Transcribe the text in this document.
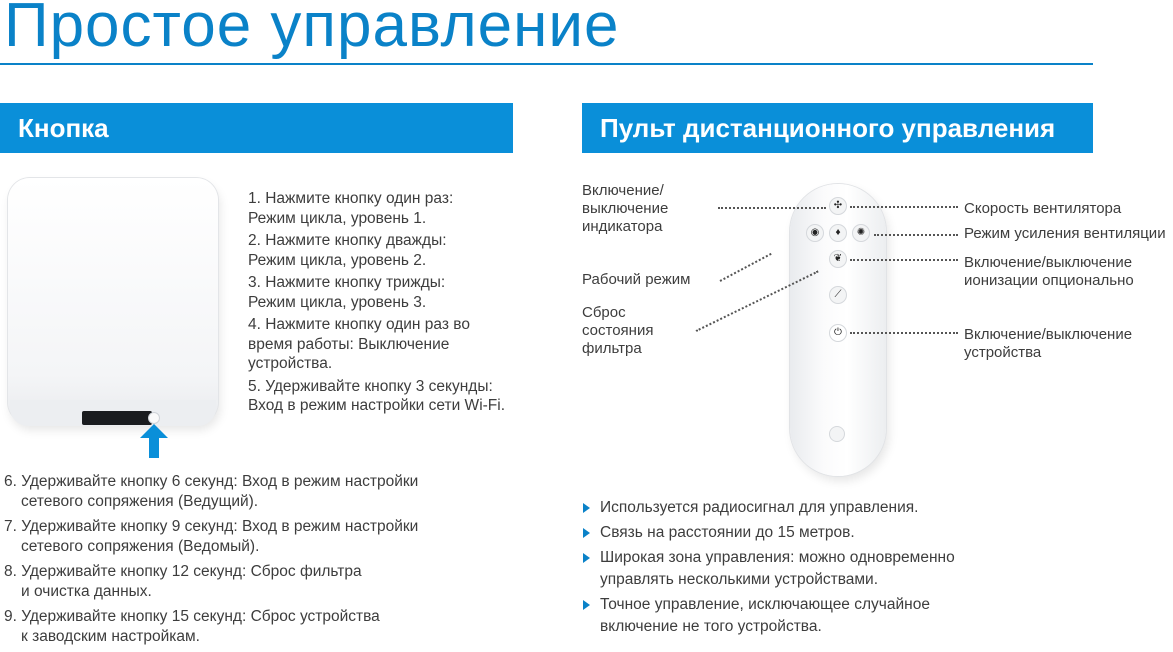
Простое управление
Кнопка	Пульт дистанционного управления
1. Нажмите кнопку один раз:
Режим цикла, уровень 1.
2. Нажмите кнопку дважды:
Режим цикла, уровень 2.
3. Нажмите кнопку трижды:
Режим цикла, уровень 3.
4. Нажмите кнопку один раз во
время работы: Выключение
устройства.
5. Удерживайте кнопку 3 секунды:
Вход в режим настройки сети Wi-Fi.
6. Удерживайте кнопку 6 секунд: Вход в режим настройки
сетевого сопряжения (Ведущий).
7. Удерживайте кнопку 9 секунд: Вход в режим настройки
сетевого сопряжения (Ведомый).
8. Удерживайте кнопку 12 секунд: Сброс фильтра
и очистка данных.
9. Удерживайте кнопку 15 секунд: Сброс устройства
к заводским настройкам.
✣
◉	♦	✺
❦
⟋
⏻
Включение/
выключение
индикатора
Рабочий режим
Сброс
состояния
фильтра
Скорость вентилятора
Режим усиления вентиляции
Включение/выключение
ионизации опционально
Включение/выключение
устройства
Используется радиосигнал для управления.
Связь на расстоянии до 15 метров.
Широкая зона управления: можно одновременно
управлять несколькими устройствами.
Точное управление, исключающее случайное
включение не того устройства.
